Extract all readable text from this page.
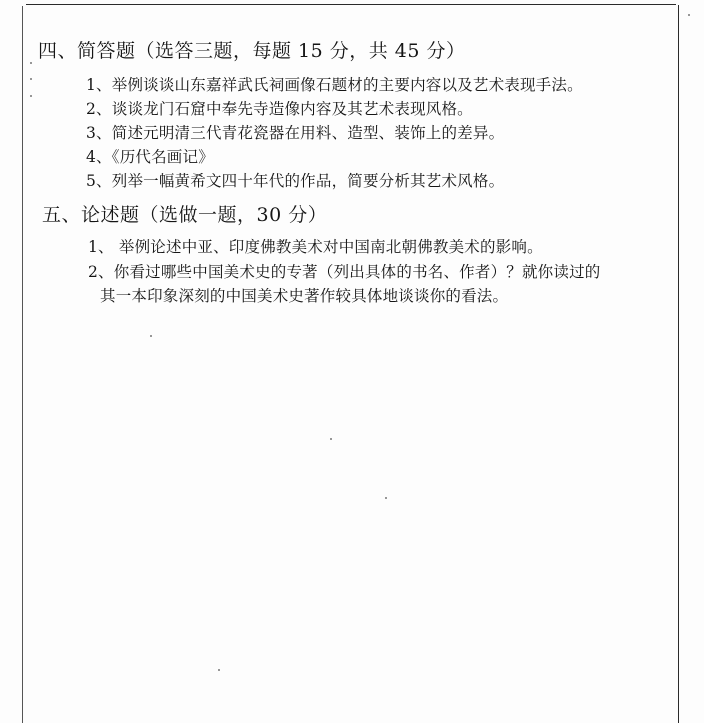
四、简答题（选答三题，每题 15 分，共 45 分）
1、举例谈谈山东嘉祥武氏祠画像石题材的主要内容以及艺术表现手法。
2、谈谈龙门石窟中奉先寺造像内容及其艺术表现风格。
3、简述元明清三代青花瓷器在用料、造型、装饰上的差异。
4、《历代名画记》
5、列举一幅黄希文四十年代的作品，简要分析其艺术风格。
五、论述题（选做一题，30 分）
1、 举例论述中亚、印度佛教美术对中国南北朝佛教美术的影响。
2、你看过哪些中国美术史的专著（列出具体的书名、作者）？就你读过的
其一本印象深刻的中国美术史著作较具体地谈谈你的看法。
